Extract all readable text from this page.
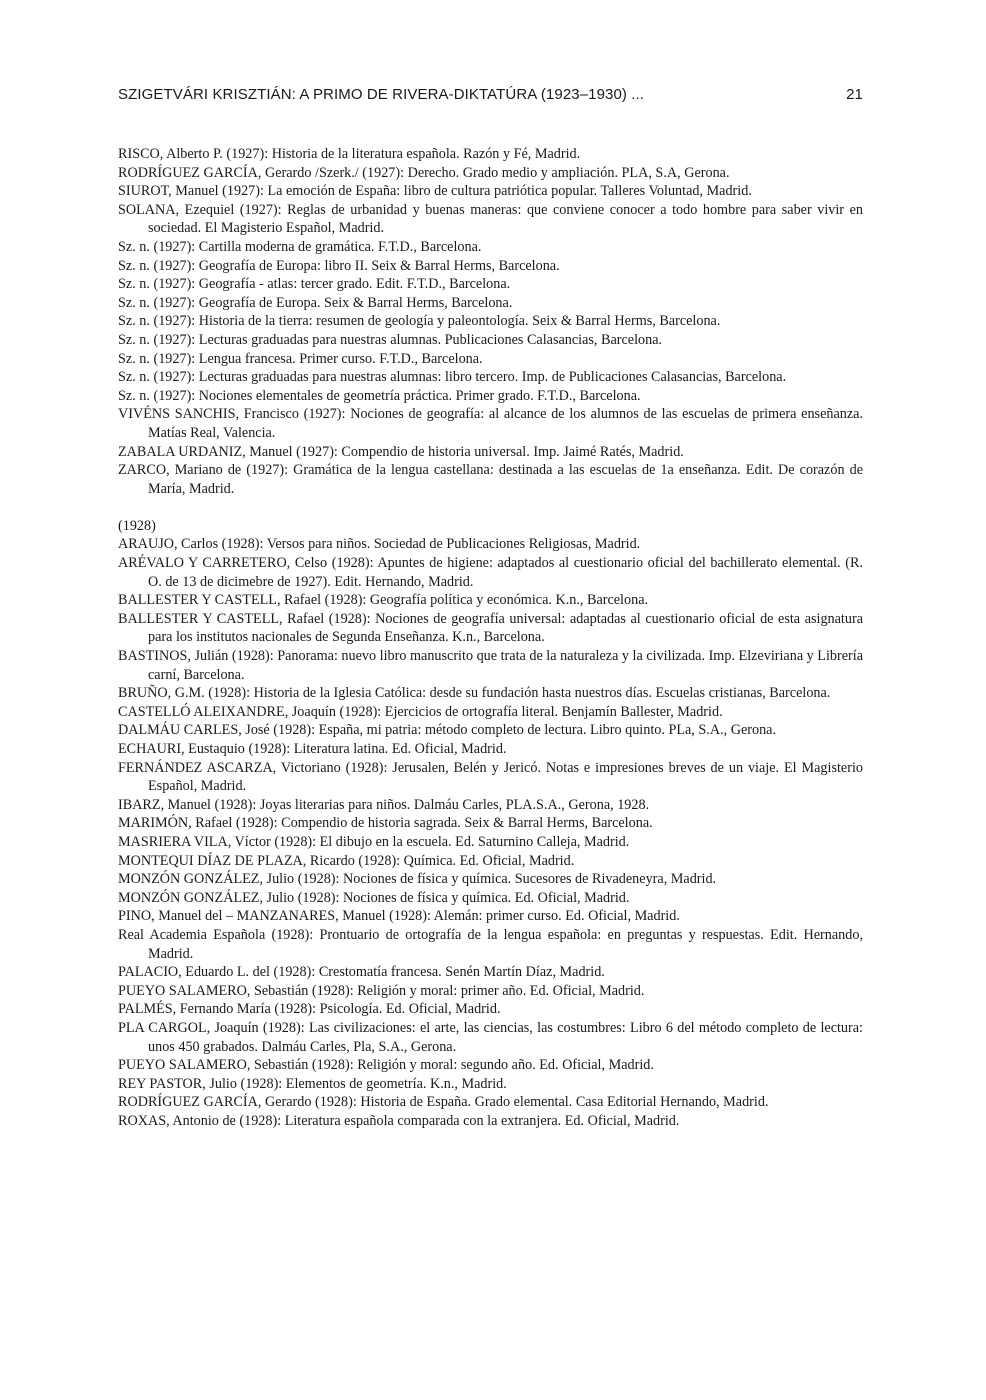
SZIGETVÁRI KRISZTIÁN: A PRIMO DE RIVERA-DIKTATÚRA (1923–1930) ...	21

RISCO, Alberto P. (1927): Historia de la literatura española. Razón y Fé, Madrid.

RODRÍGUEZ GARCÍA, Gerardo /Szerk./ (1927): Derecho. Grado medio y ampliación. PLA, S.A, Gerona.

SIUROT, Manuel (1927): La emoción de España: libro de cultura patriótica popular. Talleres Voluntad, Madrid.

SOLANA, Ezequiel (1927): Reglas de urbanidad y buenas maneras: que conviene conocer a todo hombre para saber vivir en sociedad. El Magisterio Español, Madrid.

Sz. n. (1927): Cartilla moderna de gramática. F.T.D., Barcelona.

Sz. n. (1927): Geografía de Europa: libro II. Seix & Barral Herms, Barcelona.

Sz. n. (1927): Geografía - atlas: tercer grado. Edit. F.T.D., Barcelona.

Sz. n. (1927): Geografía de Europa. Seix & Barral Herms, Barcelona.

Sz. n. (1927): Historia de la tierra: resumen de geología y paleontología. Seix & Barral Herms, Barcelona.

Sz. n. (1927): Lecturas graduadas para nuestras alumnas. Publicaciones Calasancias, Barcelona.

Sz. n. (1927): Lengua francesa. Primer curso. F.T.D., Barcelona.

Sz. n. (1927): Lecturas graduadas para nuestras alumnas: libro tercero. Imp. de Publicaciones Calasancias, Barcelona.

Sz. n. (1927): Nociones elementales de geometría práctica. Primer grado. F.T.D., Barcelona.

VIVÉNS SANCHIS, Francisco (1927): Nociones de geografía: al alcance de los alumnos de las escuelas de primera enseñanza. Matías Real, Valencia.

ZABALA URDANIZ, Manuel (1927): Compendio de historia universal. Imp. Jaimé Ratés, Madrid.

ZARCO, Mariano de (1927): Gramática de la lengua castellana: destinada a las escuelas de 1a enseñanza. Edit. De corazón de María, Madrid.

(1928)

ARAUJO, Carlos (1928): Versos para niños. Sociedad de Publicaciones Religiosas, Madrid.

ARÉVALO Y CARRETERO, Celso (1928): Apuntes de higiene: adaptados al cuestionario oficial del bachillerato elemental. (R. O. de 13 de dicimebre de 1927). Edit. Hernando, Madrid.

BALLESTER Y CASTELL, Rafael (1928): Geografía política y económica. K.n., Barcelona.

BALLESTER Y CASTELL, Rafael (1928): Nociones de geografía universal: adaptadas al cuestionario oficial de esta asignatura para los institutos nacionales de Segunda Enseñanza. K.n., Barcelona.

BASTINOS, Julián (1928): Panorama: nuevo libro manuscrito que trata de la naturaleza y la civilizada. Imp. Elzeviriana y Librería carní, Barcelona.

BRUÑO, G.M. (1928): Historia de la Iglesia Católica: desde su fundación hasta nuestros días. Escuelas cristianas, Barcelona.

CASTELLÓ ALEIXANDRE, Joaquín (1928): Ejercicios de ortografía literal. Benjamín Ballester, Madrid.

DALMÁU CARLES, José (1928): España, mi patria: método completo de lectura. Libro quinto. PLa, S.A., Gerona.

ECHAURI, Eustaquio (1928): Literatura latina. Ed. Oficial, Madrid.

FERNÁNDEZ ASCARZA, Victoriano (1928): Jerusalen, Belén y Jericó. Notas e impresiones breves de un viaje. El Magisterio Español, Madrid.

IBARZ, Manuel (1928): Joyas literarias para niños. Dalmáu Carles, PLA.S.A., Gerona, 1928.

MARIMÓN, Rafael (1928): Compendio de historia sagrada. Seix & Barral Herms, Barcelona.

MASRIERA VILA, Víctor (1928): El dibujo en la escuela. Ed. Saturnino Calleja, Madrid.

MONTEQUI DÍAZ DE PLAZA, Ricardo (1928): Química. Ed. Oficial, Madrid.

MONZÓN GONZÁLEZ, Julio (1928): Nociones de física y química. Sucesores de Rivadeneyra, Madrid.

MONZÓN GONZÁLEZ, Julio (1928): Nociones de física y química. Ed. Oficial, Madrid.

PINO, Manuel del – MANZANARES, Manuel (1928): Alemán: primer curso. Ed. Oficial, Madrid.

Real Academia Española (1928): Prontuario de ortografía de la lengua española: en preguntas y respuestas. Edit. Hernando, Madrid.

PALACIO, Eduardo L. del (1928): Crestomatía francesa. Senén Martín Díaz, Madrid.

PUEYO SALAMERO, Sebastián (1928): Religión y moral: primer año. Ed. Oficial, Madrid.

PALMÉS, Fernando María (1928): Psicología. Ed. Oficial, Madrid.

PLA CARGOL, Joaquín (1928): Las civilizaciones: el arte, las ciencias, las costumbres: Libro 6 del método completo de lectura: unos 450 grabados. Dalmáu Carles, Pla, S.A., Gerona.

PUEYO SALAMERO, Sebastián (1928): Religión y moral: segundo año. Ed. Oficial, Madrid.

REY PASTOR, Julio (1928): Elementos de geometría. K.n., Madrid.

RODRÍGUEZ GARCÍA, Gerardo (1928): Historia de España. Grado elemental. Casa Editorial Hernando, Madrid.

ROXAS, Antonio de (1928): Literatura española comparada con la extranjera. Ed. Oficial, Madrid.
